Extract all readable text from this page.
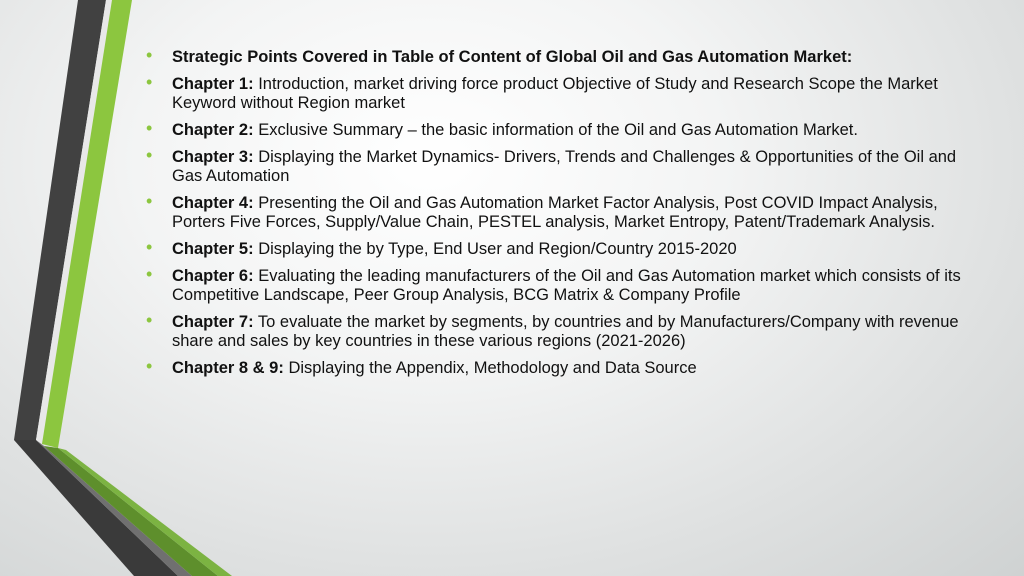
•	Strategic Points Covered in Table of Content of Global Oil and Gas Automation Market:
•	Chapter 1: Introduction, market driving force product Objective of Study and Research Scope the Market Keyword without Region market
•	Chapter 2: Exclusive Summary – the basic information of the Oil and Gas Automation Market.
•	Chapter 3: Displaying the Market Dynamics- Drivers, Trends and Challenges & Opportunities of the Oil and Gas Automation
•	Chapter 4: Presenting the Oil and Gas Automation Market Factor Analysis, Post COVID Impact Analysis, Porters Five Forces, Supply/Value Chain, PESTEL analysis, Market Entropy, Patent/Trademark Analysis.
•	Chapter 5: Displaying the by Type, End User and Region/Country 2015-2020
•	Chapter 6: Evaluating the leading manufacturers of the Oil and Gas Automation market which consists of its Competitive Landscape, Peer Group Analysis, BCG Matrix & Company Profile
•	Chapter 7: To evaluate the market by segments, by countries and by Manufacturers/Company with revenue share and sales by key countries in these various regions (2021-2026)
•	Chapter 8 & 9: Displaying the Appendix, Methodology and Data Source
